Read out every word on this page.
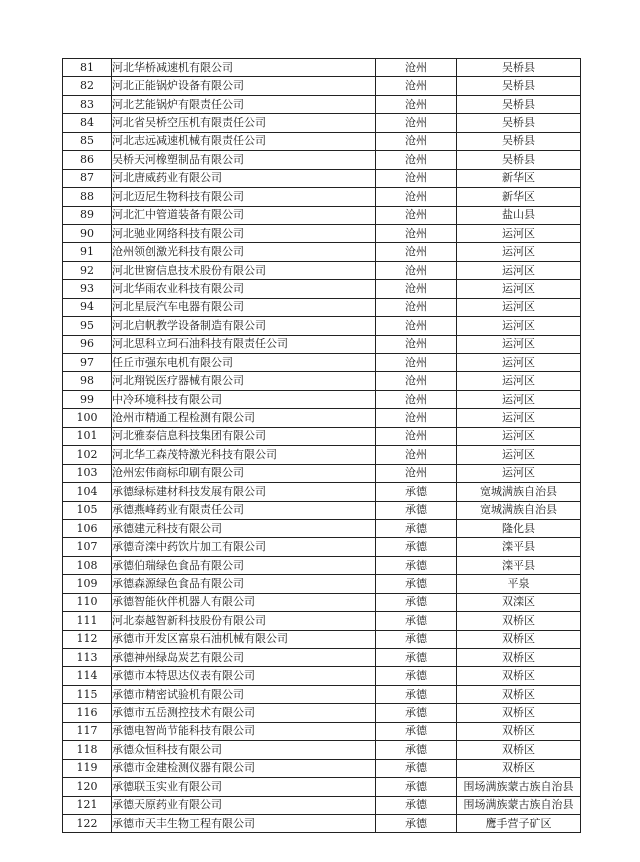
81	河北华桥减速机有限公司	沧州	吴桥县
82	河北正能锅炉设备有限公司	沧州	吴桥县
83	河北艺能锅炉有限责任公司	沧州	吴桥县
84	河北省吴桥空压机有限责任公司	沧州	吴桥县
85	河北志远减速机械有限责任公司	沧州	吴桥县
86	吴桥天河橡塑制品有限公司	沧州	吴桥县
87	河北唐威药业有限公司	沧州	新华区
88	河北迈尼生物科技有限公司	沧州	新华区
89	河北汇中管道装备有限公司	沧州	盐山县
90	河北驰业网络科技有限公司	沧州	运河区
91	沧州领创激光科技有限公司	沧州	运河区
92	河北世窗信息技术股份有限公司	沧州	运河区
93	河北华雨农业科技有限公司	沧州	运河区
94	河北星辰汽车电器有限公司	沧州	运河区
95	河北启帆教学设备制造有限公司	沧州	运河区
96	河北思科立珂石油科技有限责任公司	沧州	运河区
97	任丘市强东电机有限公司	沧州	运河区
98	河北翔锐医疗器械有限公司	沧州	运河区
99	中冷环境科技有限公司	沧州	运河区
100	沧州市精通工程检测有限公司	沧州	运河区
101	河北雅泰信息科技集团有限公司	沧州	运河区
102	河北华工森茂特激光科技有限公司	沧州	运河区
103	沧州宏伟商标印刷有限公司	沧州	运河区
104	承德绿标建材科技发展有限公司	承德	宽城满族自治县
105	承德燕峰药业有限责任公司	承德	宽城满族自治县
106	承德建元科技有限公司	承德	隆化县
107	承德奇滦中药饮片加工有限公司	承德	滦平县
108	承德伯瑞绿色食品有限公司	承德	滦平县
109	承德森源绿色食品有限公司	承德	平泉
110	承德智能伙伴机器人有限公司	承德	双滦区
111	河北泰越智新科技股份有限公司	承德	双桥区
112	承德市开发区富泉石油机械有限公司	承德	双桥区
113	承德神州绿岛炭艺有限公司	承德	双桥区
114	承德市本特思达仪表有限公司	承德	双桥区
115	承德市精密试验机有限公司	承德	双桥区
116	承德市五岳测控技术有限公司	承德	双桥区
117	承德电智尚节能科技有限公司	承德	双桥区
118	承德众恒科技有限公司	承德	双桥区
119	承德市金建检测仪器有限公司	承德	双桥区
120	承德联玉实业有限公司	承德	围场满族蒙古族自治县
121	承德天原药业有限公司	承德	围场满族蒙古族自治县
122	承德市天丰生物工程有限公司	承德	鹰手营子矿区
